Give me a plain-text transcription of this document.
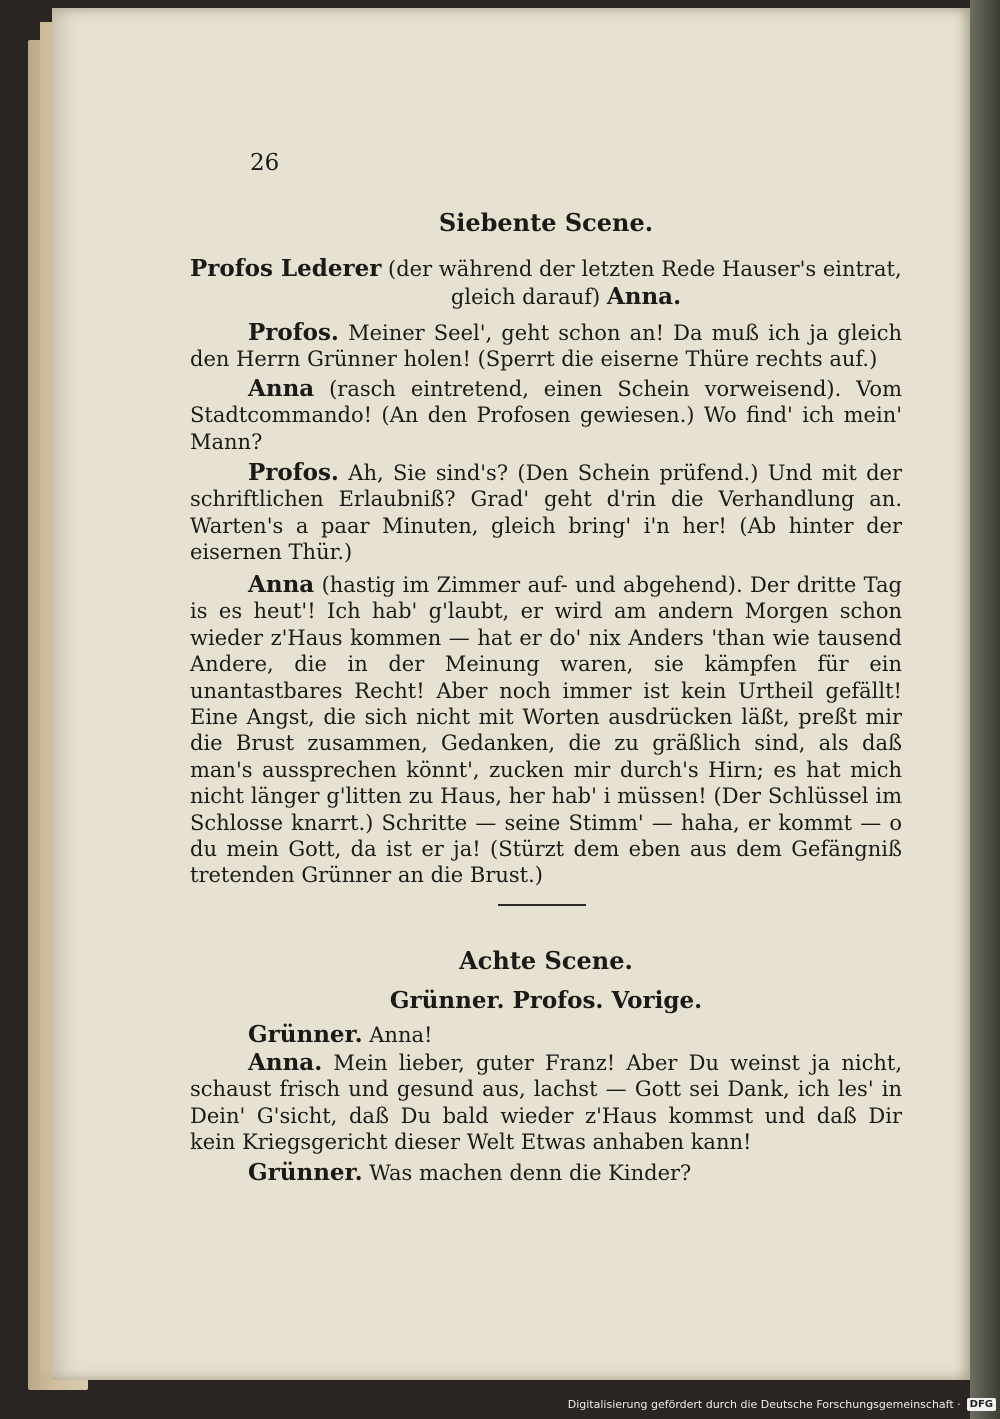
26
Siebente Scene.

Profos Lederer (der während der letzten Rede Hauser's eintrat,

gleich darauf) Anna.

Profos. Meiner Seel', geht schon an! Da muß ich ja gleich den Herrn Grünner holen! (Sperrt die eiserne Thüre rechts auf.)

Anna (rasch eintretend, einen Schein vorweisend). Vom Stadtcommando! (An den Profosen gewiesen.) Wo find' ich mein' Mann?

Profos. Ah, Sie sind's? (Den Schein prüfend.) Und mit der schriftlichen Erlaubniß? Grad' geht d'rin die Verhandlung an. Warten's a paar Minuten, gleich bring' i'n her! (Ab hinter der eisernen Thür.)

Anna (hastig im Zimmer auf- und abgehend). Der dritte Tag is es heut'! Ich hab' g'laubt, er wird am andern Morgen schon wieder z'Haus kommen — hat er do' nix Anders 'than wie tausend Andere, die in der Meinung waren, sie kämpfen für ein unantastbares Recht! Aber noch immer ist kein Urtheil gefällt! Eine Angst, die sich nicht mit Worten ausdrücken läßt, preßt mir die Brust zusammen, Gedanken, die zu gräßlich sind, als daß man's aussprechen könnt', zucken mir durch's Hirn; es hat mich nicht länger g'litten zu Haus, her hab' i müssen! (Der Schlüssel im Schlosse knarrt.) Schritte — seine Stimm' — haha, er kommt — o du mein Gott, da ist er ja! (Stürzt dem eben aus dem Gefängniß tretenden Grünner an die Brust.)

Achte Scene.
Grünner. Profos. Vorige.

Grünner. Anna!

Anna. Mein lieber, guter Franz! Aber Du weinst ja nicht, schaust frisch und gesund aus, lachst — Gott sei Dank, ich les' in Dein' G'sicht, daß Du bald wieder z'Haus kommst und daß Dir kein Kriegsgericht dieser Welt Etwas anhaben kann!

Grünner. Was machen denn die Kinder?

Digitalisierung gefördert durch die Deutsche Forschungsgemeinschaft · DFG
